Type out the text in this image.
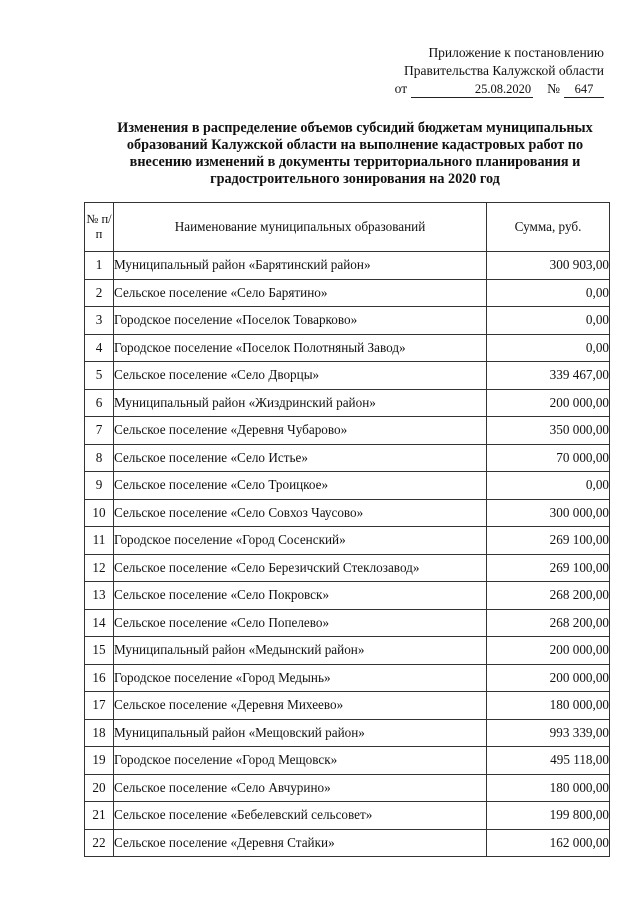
Приложение к постановлению
Правительства Калужской области
от	25.08.2020 №	647
Изменения в распределение объемов субсидий бюджетам муниципальных образований Калужской области на выполнение кадастровых работ по внесению изменений в документы территориального планирования и градостроительного зонирования на 2020 год
№ п/п	Наименование муниципальных образований	Сумма, руб.
1	Муниципальный район «Барятинский район»	300 903,00
2	Сельское поселение «Село Барятино»	0,00
3	Городское поселение «Поселок Товарково»	0,00
4	Городское поселение «Поселок Полотняный Завод»	0,00
5	Сельское поселение «Село Дворцы»	339 467,00
6	Муниципальный район «Жиздринский район»	200 000,00
7	Сельское поселение «Деревня Чубарово»	350 000,00
8	Сельское поселение «Село Истье»	70 000,00
9	Сельское поселение «Село Троицкое»	0,00
10	Сельское поселение «Село Совхоз Чаусово»	300 000,00
11	Городское поселение «Город Сосенский»	269 100,00
12	Сельское поселение «Село Березичский Стеклозавод»	269 100,00
13	Сельское поселение «Село Покровск»	268 200,00
14	Сельское поселение «Село Попелево»	268 200,00
15	Муниципальный район «Медынский район»	200 000,00
16	Городское поселение «Город Медынь»	200 000,00
17	Сельское поселение «Деревня Михеево»	180 000,00
18	Муниципальный район «Мещовский район»	993 339,00
19	Городское поселение «Город Мещовск»	495 118,00
20	Сельское поселение «Село Авчурино»	180 000,00
21	Сельское поселение «Бебелевский сельсовет»	199 800,00
22	Сельское поселение «Деревня Стайки»	162 000,00
